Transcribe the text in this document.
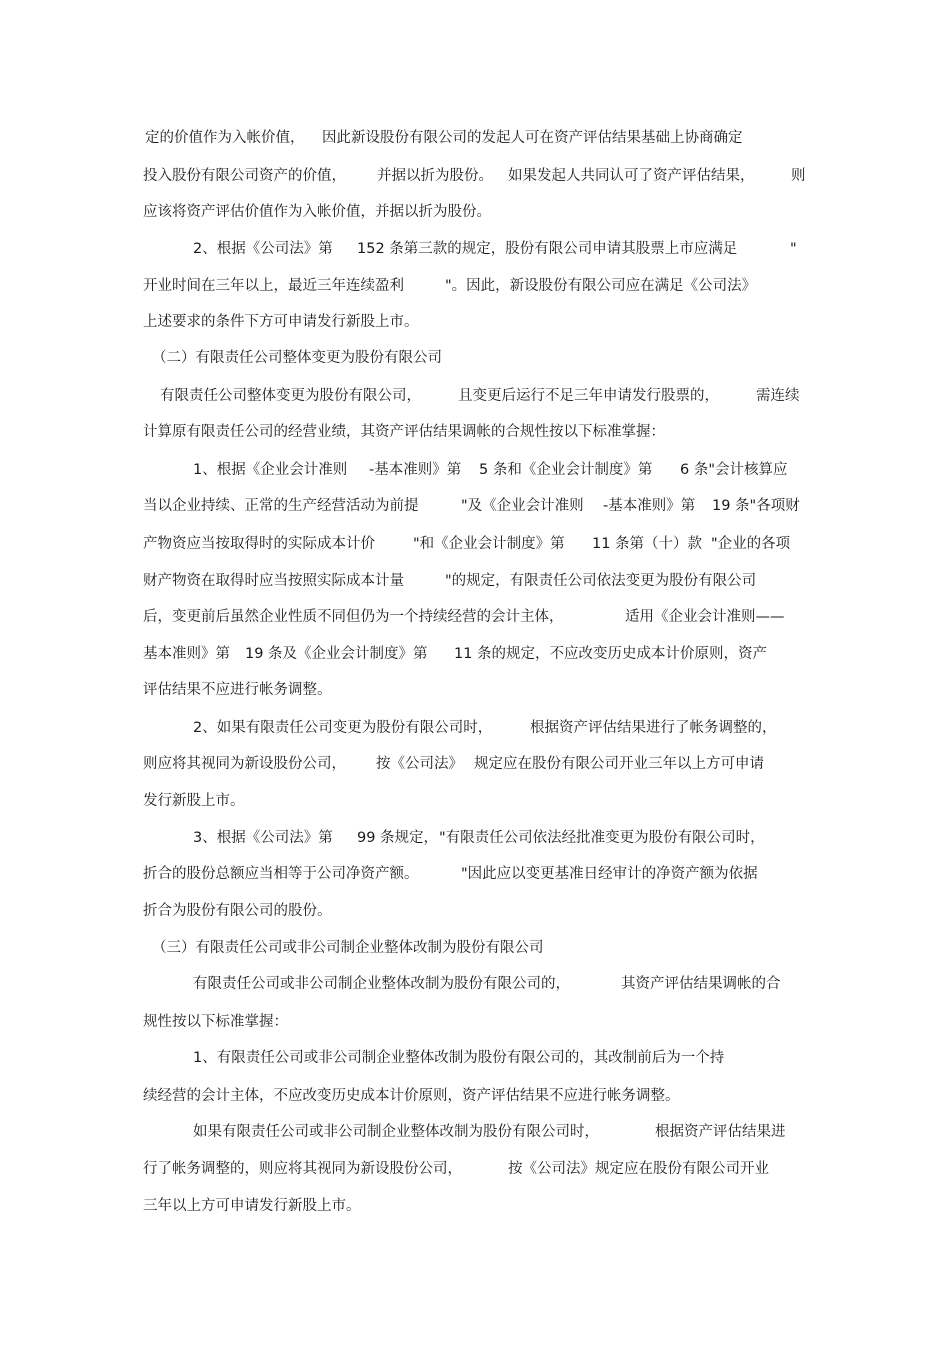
定的价值作为入帐价值，

因此新设股份有限公司的发起人可在资产评估结果基础上协商确定

投入股份有限公司资产的价值，

并据以折为股份。

如果发起人共同认可了资产评估结果，

	则

应该将资产评估价值作为入帐价值，并据以折为股份。

2、根据《公司法》第

152 条第三款的规定，股份有限公司申请其股票上市应满足

	"

开业时间在三年以上，最近三年连续盈利

	"。因此，新设股份有限公司应在满足《公司法》

上述要求的条件下方可申请发行新股上市。

（二）有限责任公司整体变更为股份有限公司

有限责任公司整体变更为股份有限公司，

	且变更后运行不足三年申请发行股票的，

	需连续

计算原有限责任公司的经营业绩，其资产评估结果调帐的合规性按以下标准掌握：

1、根据《企业会计准则

-基本准则》第

5 条和《企业会计制度》第

6 条"会计核算应

当以企业持续、正常的生产经营活动为前提

	"及《企业会计准则

-基本准则》第

19 条"各项财

产物资应当按取得时的实际成本计价

	"和《企业会计制度》第

11 条第（十）款

"企业的各项

财产物资在取得时应当按照实际成本计量

	"的规定，有限责任公司依法变更为股份有限公司

后，变更前后虽然企业性质不同但仍为一个持续经营的会计主体，

	适用《企业会计准则——

基本准则》第

19 条及《企业会计制度》第

11 条的规定，不应改变历史成本计价原则，资产

评估结果不应进行帐务调整。

2、如果有限责任公司变更为股份有限公司时，

	根据资产评估结果进行了帐务调整的，

则应将其视同为新设股份公司，

按《公司法》

规定应在股份有限公司开业三年以上方可申请

发行新股上市。

3、根据《公司法》第

99 条规定，

"有限责任公司依法经批准变更为股份有限公司时，

折合的股份总额应当相等于公司净资产额。

	"因此应以变更基准日经审计的净资产额为依据

折合为股份有限公司的股份。

（三）有限责任公司或非公司制企业整体改制为股份有限公司

有限责任公司或非公司制企业整体改制为股份有限公司的，

	其资产评估结果调帐的合

规性按以下标准掌握：

1、有限责任公司或非公司制企业整体改制为股份有限公司的，其改制前后为一个持

续经营的会计主体，不应改变历史成本计价原则，资产评估结果不应进行帐务调整。

如果有限责任公司或非公司制企业整体改制为股份有限公司时，

	根据资产评估结果进

行了帐务调整的，则应将其视同为新设股份公司，

	按《公司法》规定应在股份有限公司开业

三年以上方可申请发行新股上市。
